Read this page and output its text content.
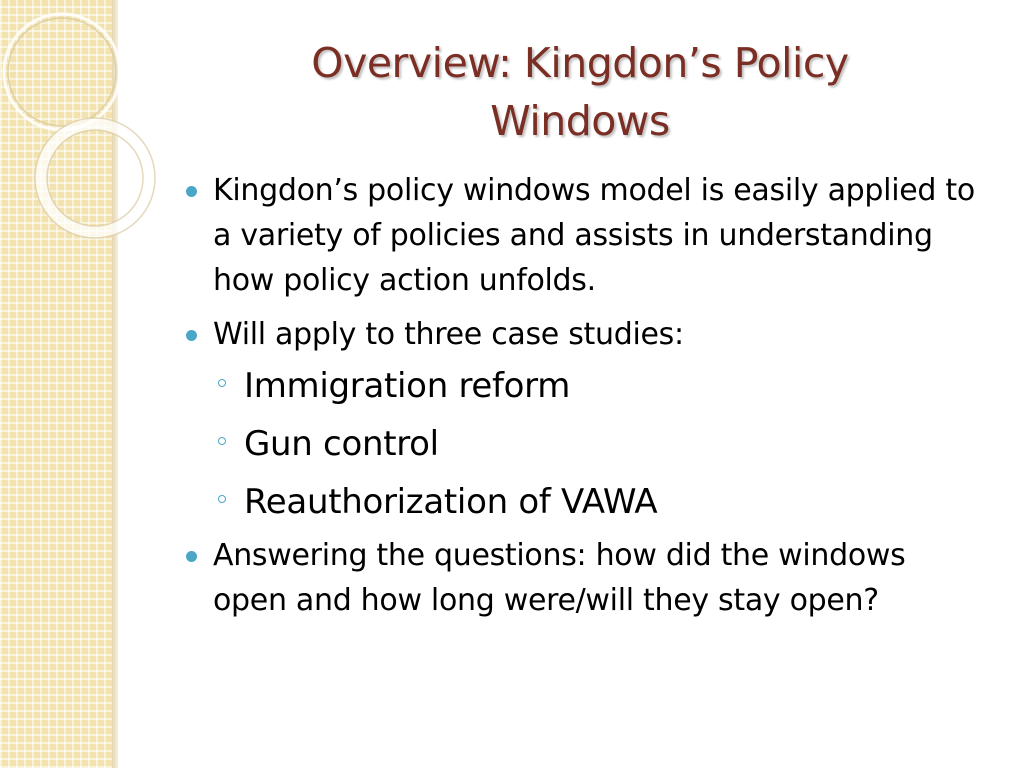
Overview: Kingdon’s Policy Windows
Kingdon’s policy windows model is easily applied to a variety of policies and assists in understanding how policy action unfolds.
Will apply to three case studies:
Immigration reform
Gun control
Reauthorization of VAWA
Answering the questions: how did the windows open and how long were/will they stay open?
